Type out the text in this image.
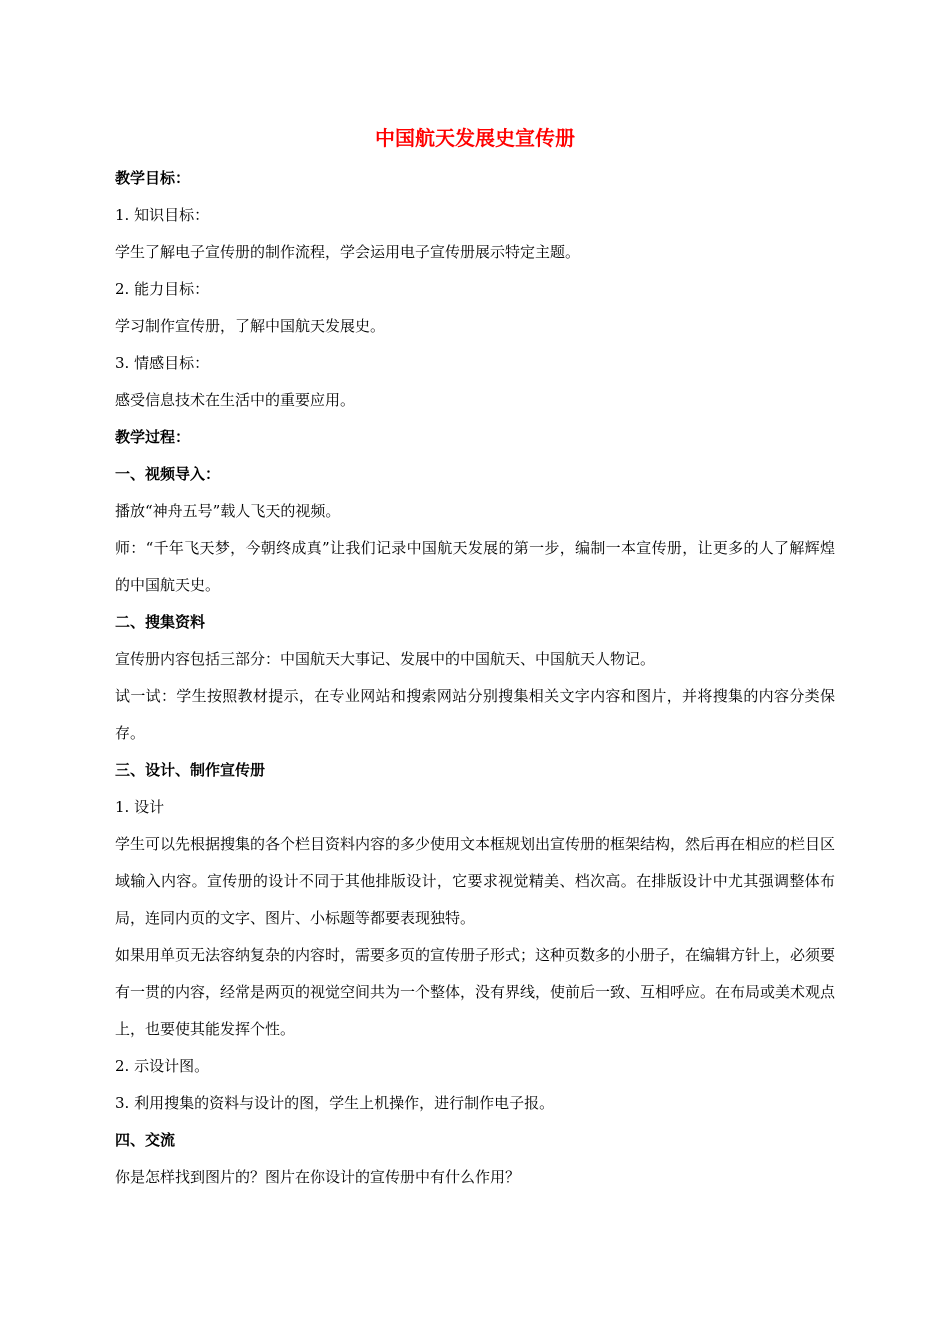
中国航天发展史宣传册

教学目标：

1. 知识目标：

学生了解电子宣传册的制作流程，学会运用电子宣传册展示特定主题。

2. 能力目标：

学习制作宣传册，了解中国航天发展史。

3. 情感目标：

感受信息技术在生活中的重要应用。

教学过程：

一、视频导入：

播放“神舟五号”载人飞天的视频。

师：“千年飞天梦，今朝终成真”让我们记录中国航天发展的第一步，编制一本宣传册，让更多的人了解辉煌的中国航天史。

二、搜集资料

宣传册内容包括三部分：中国航天大事记、发展中的中国航天、中国航天人物记。

试一试：学生按照教材提示，在专业网站和搜索网站分别搜集相关文字内容和图片，并将搜集的内容分类保存。

三、设计、制作宣传册

1. 设计

学生可以先根据搜集的各个栏目资料内容的多少使用文本框规划出宣传册的框架结构，然后再在相应的栏目区域输入内容。宣传册的设计不同于其他排版设计，它要求视觉精美、档次高。在排版设计中尤其强调整体布局，连同内页的文字、图片、小标题等都要表现独特。

如果用单页无法容纳复杂的内容时，需要多页的宣传册子形式；这种页数多的小册子，在编辑方针上，必须要有一贯的内容，经常是两页的视觉空间共为一个整体，没有界线，使前后一致、互相呼应。在布局或美术观点上，也要使其能发挥个性。

2. 示设计图。

3. 利用搜集的资料与设计的图，学生上机操作，进行制作电子报。

四、交流

你是怎样找到图片的？图片在你设计的宣传册中有什么作用？
